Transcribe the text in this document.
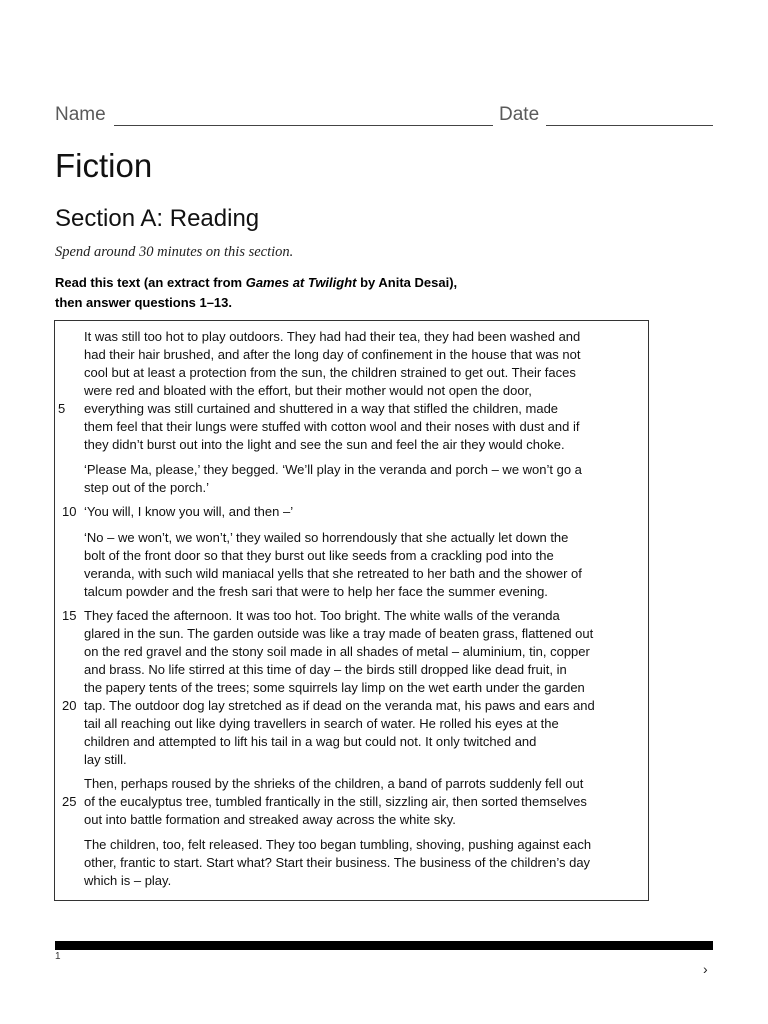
Name	Date
Fiction
Section A: Reading
Spend around 30 minutes on this section.

Read this text (an extract from Games at Twilight by Anita Desai),

then answer questions 1–13.

It was still too hot to play outdoors. They had had their tea, they had been washed and
had their hair brushed, and after the long day of confinement in the house that was not
cool but at least a protection from the sun, the children strained to get out. Their faces
were red and bloated with the effort, but their mother would not open the door,
everything was still curtained and shuttered in a way that stifled the children, made
them feel that their lungs were stuffed with cotton wool and their noses with dust and if
they didn’t burst out into the light and see the sun and feel the air they would choke.
‘Please Ma, please,’ they begged. ‘We’ll play in the veranda and porch – we won’t go a
step out of the porch.’
‘You will, I know you will, and then –’
‘No – we won’t, we won’t,’ they wailed so horrendously that she actually let down the
bolt of the front door so that they burst out like seeds from a crackling pod into the
veranda, with such wild maniacal yells that she retreated to her bath and the shower of
talcum powder and the fresh sari that were to help her face the summer evening.
They faced the afternoon. It was too hot. Too bright. The white walls of the veranda
glared in the sun. The garden outside was like a tray made of beaten grass, flattened out
on the red gravel and the stony soil made in all shades of metal – aluminium, tin, copper
and brass. No life stirred at this time of day – the birds still dropped like dead fruit, in
the papery tents of the trees; some squirrels lay limp on the wet earth under the garden
tap. The outdoor dog lay stretched as if dead on the veranda mat, his paws and ears and
tail all reaching out like dying travellers in search of water. He rolled his eyes at the
children and attempted to lift his tail in a wag but could not. It only twitched and
lay still.
Then, perhaps roused by the shrieks of the children, a band of parrots suddenly fell out
of the eucalyptus tree, tumbled frantically in the still, sizzling air, then sorted themselves
out into battle formation and streaked away across the white sky.
The children, too, felt released. They too began tumbling, shoving, pushing against each
other, frantic to start. Start what? Start their business. The business of the children’s day
which is – play.
5
10
15
20
25
1
›
